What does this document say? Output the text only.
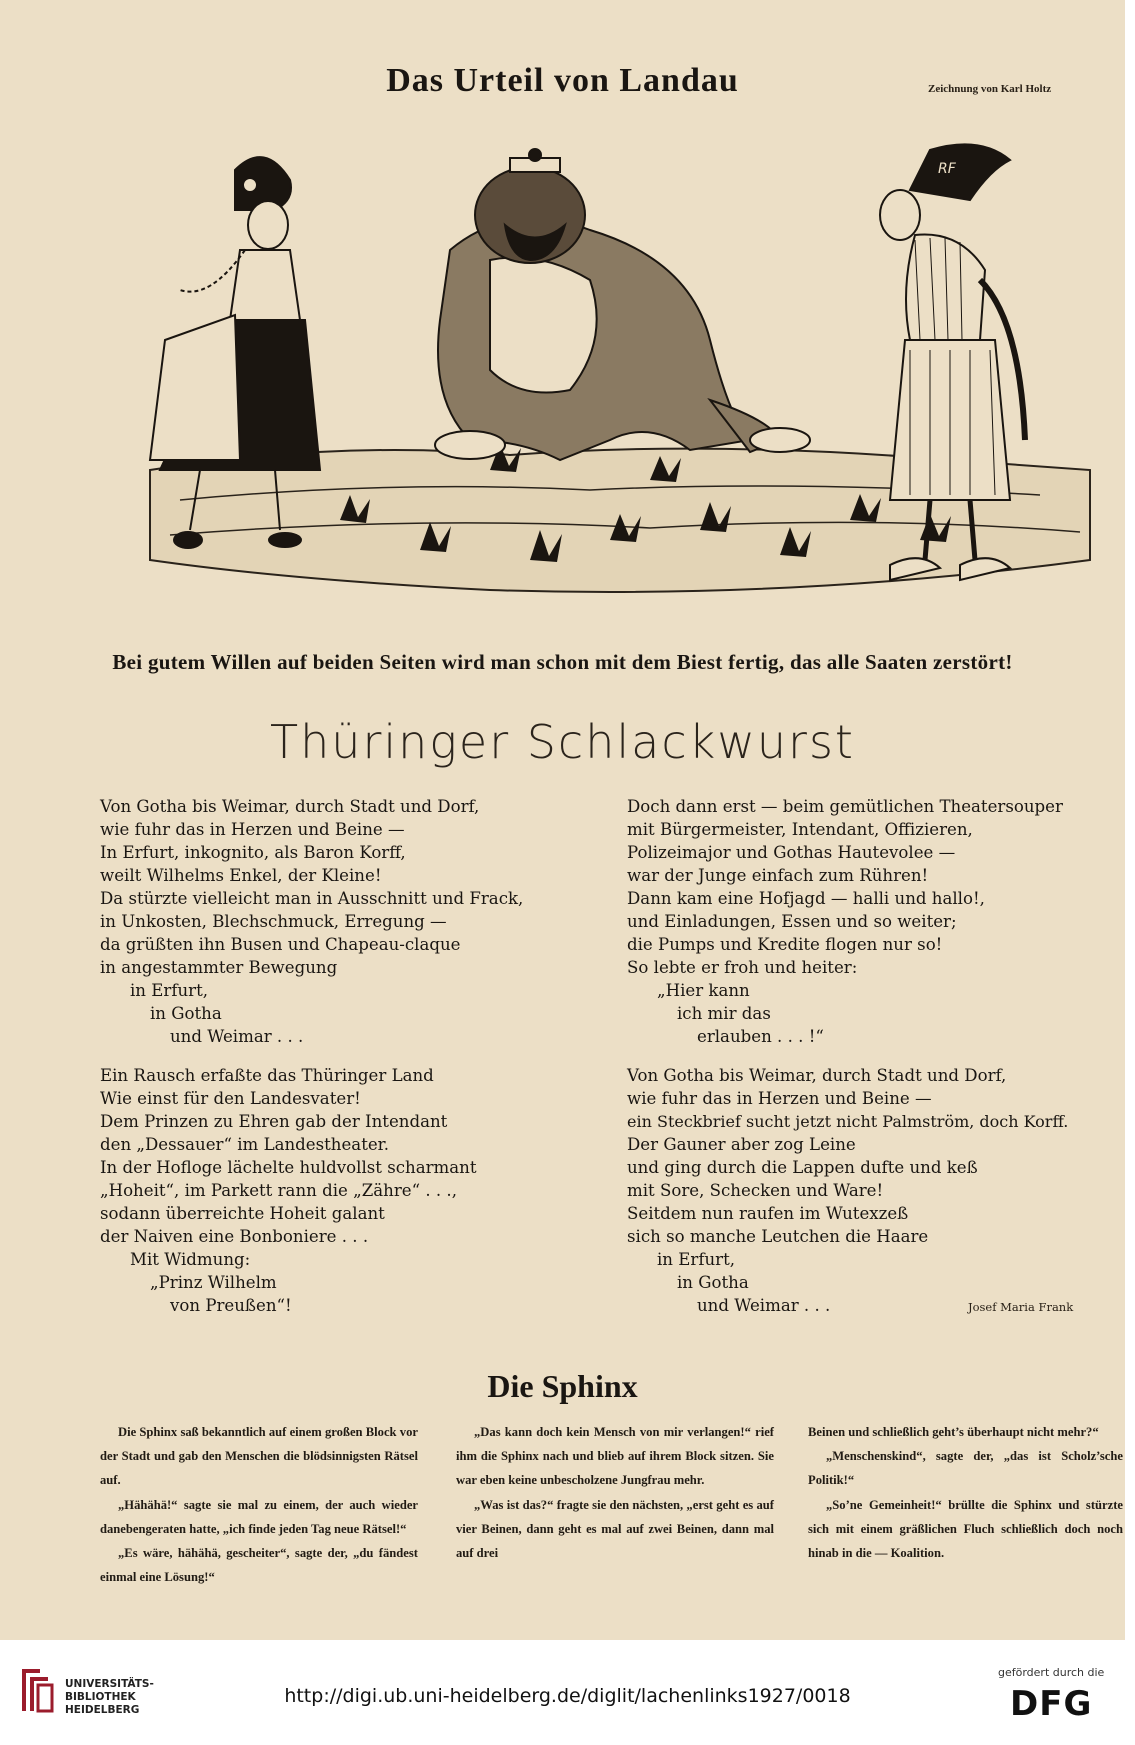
Das Urteil von Landau	Zeichnung von Karl Holtz
RF
Bei gutem Willen auf beiden Seiten wird man schon mit dem Biest fertig, das alle Saaten zerstört!
Thüringer Schlackwurst
Von Gotha bis Weimar, durch Stadt und Dorf,
wie fuhr das in Herzen und Beine —
In Erfurt, inkognito, als Baron Korff,
weilt Wilhelms Enkel, der Kleine!
Da stürzte vielleicht man in Ausschnitt und Frack,
in Unkosten, Blechschmuck, Erregung —
da grüßten ihn Busen und Chapeau-claque
in angestammter Bewegung
in Erfurt,
in Gotha
und Weimar . . .
Ein Rausch erfaßte das Thüringer Land
Wie einst für den Landesvater!
Dem Prinzen zu Ehren gab der Intendant
den „Dessauer“ im Landestheater.
In der Hofloge lächelte huldvollst scharmant
„Hoheit“, im Parkett rann die „Zähre“ . . .,
sodann überreichte Hoheit galant
der Naiven eine Bonboniere . . .
Mit Widmung:
„Prinz Wilhelm
von Preußen“!
Doch dann erst — beim gemütlichen Theatersouper
mit Bürgermeister, Intendant, Offizieren,
Polizeimajor und Gothas Hautevolee —
war der Junge einfach zum Rühren!
Dann kam eine Hofjagd — halli und hallo!,
und Einladungen, Essen und so weiter;
die Pumps und Kredite flogen nur so!
So lebte er froh und heiter:
„Hier kann
ich mir das
erlauben . . . !“
Von Gotha bis Weimar, durch Stadt und Dorf,
wie fuhr das in Herzen und Beine —
ein Steckbrief sucht jetzt nicht Palmström, doch Korff.
Der Gauner aber zog Leine
und ging durch die Lappen dufte und keß
mit Sore, Schecken und Ware!
Seitdem nun raufen im Wutexzeß
sich so manche Leutchen die Haare
in Erfurt,
in Gotha
und Weimar . . .	Josef Maria Frank
Die Sphinx

Die Sphinx saß bekanntlich auf einem großen Block vor der Stadt und gab den Menschen die blödsinnigsten Rätsel auf.

„Hähähä!“ sagte sie mal zu einem, der auch wieder danebengeraten hatte, „ich finde jeden Tag neue Rätsel!“

„Es wäre, hähähä, gescheiter“, sagte der, „du fändest einmal eine Lösung!“

„Das kann doch kein Mensch von mir verlangen!“ rief ihm die Sphinx nach und blieb auf ihrem Block sitzen. Sie war eben keine unbescholzene Jungfrau mehr.

„Was ist das?“ fragte sie den nächsten, „erst geht es auf vier Beinen, dann geht es mal auf zwei Beinen, dann mal auf drei

Beinen und schließlich geht’s überhaupt nicht mehr?“

„Menschenskind“, sagte der, „das ist Scholz’sche Politik!“

„So’ne Gemeinheit!“ brüllte die Sphinx und stürzte sich mit einem gräßlichen Fluch schließlich doch noch hinab in die — Koalition.

UNIVERSITÄTS-
BIBLIOTHEK
HEIDELBERG
http://digi.ub.uni-heidelberg.de/diglit/lachenlinks1927/0018
gefördert durch die
DFG
